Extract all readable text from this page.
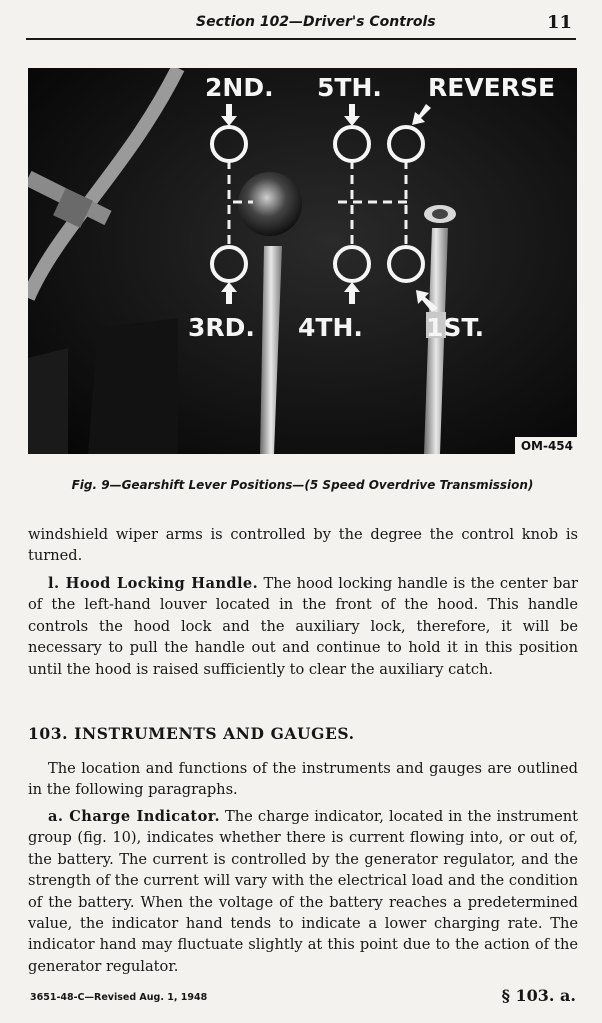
Section 102—Driver's Controls	11
2ND. 5TH. REVERSE
3RD. 4TH.	1ST.
OM-454
Fig. 9—Gearshift Lever Positions—(5 Speed Overdrive Transmission)
windshield wiper arms is controlled by the degree the control knob is turned.
l. Hood Locking Handle. The hood locking handle is the center bar of the left-hand louver located in the front of the hood. This handle controls the hood lock and the auxiliary lock, therefore, it will be necessary to pull the handle out and continue to hold it in this position until the hood is raised sufficiently to clear the auxiliary catch.
103. INSTRUMENTS AND GAUGES.
The location and functions of the instruments and gauges are outlined in the following paragraphs.
a. Charge Indicator. The charge indicator, located in the instrument group (fig. 10), indicates whether there is current flowing into, or out of, the battery. The current is controlled by the generator regulator, and the strength of the current will vary with the electrical load and the condition of the battery. When the voltage of the battery reaches a predetermined value, the indicator hand tends to indicate a lower charging rate. The indicator hand may fluctuate slightly at this point due to the action of the generator regulator.
3651-48-C—Revised Aug. 1, 1948	§ 103. a.
